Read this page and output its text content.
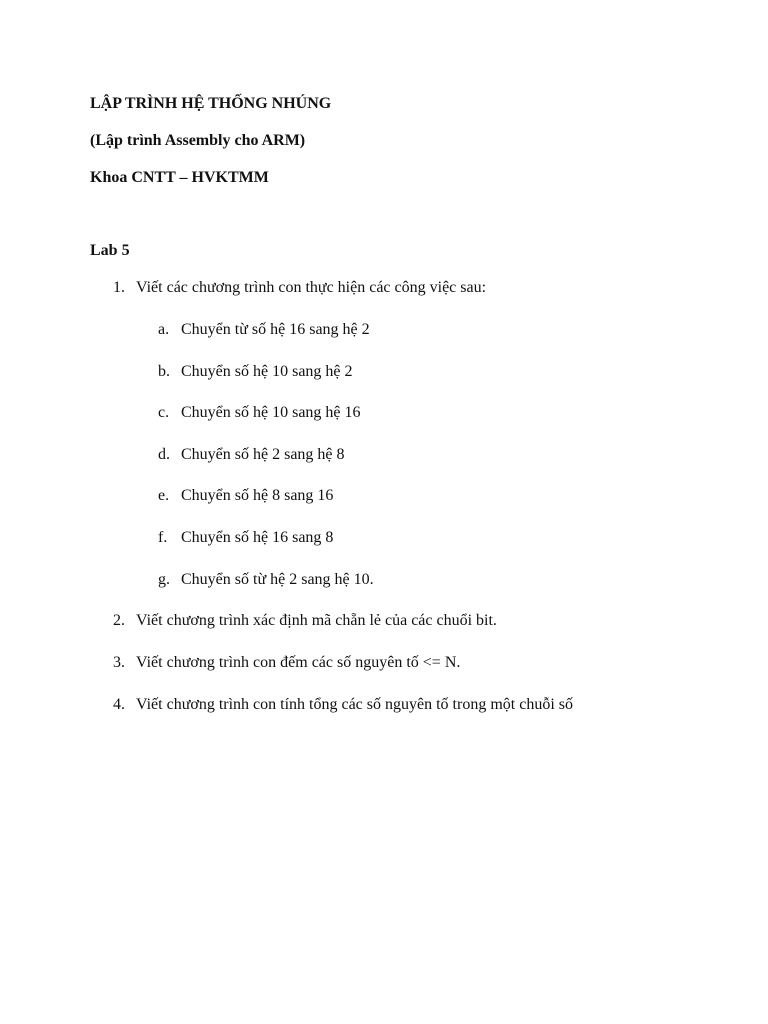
LẬP TRÌNH HỆ THỐNG NHÚNG
(Lập trình Assembly cho ARM)
Khoa CNTT – HVKTMM
Lab 5
1. Viết các chương trình con thực hiện các công việc sau:
a. Chuyển từ số hệ 16 sang hệ 2
b. Chuyển số hệ 10 sang hệ 2
c. Chuyển số hệ 10 sang hệ 16
d. Chuyển số hệ 2 sang hệ 8
e. Chuyển số hệ 8 sang 16
f. Chuyển số hệ 16 sang 8
g. Chuyển số từ hệ 2 sang hệ 10.
2. Viết chương trình xác định mã chẵn lẻ của các chuổi bit.
3. Viết chương trình con đếm các số nguyên tố <= N.
4. Viết chương trình con tính tổng các số nguyên tố trong một chuỗi số
